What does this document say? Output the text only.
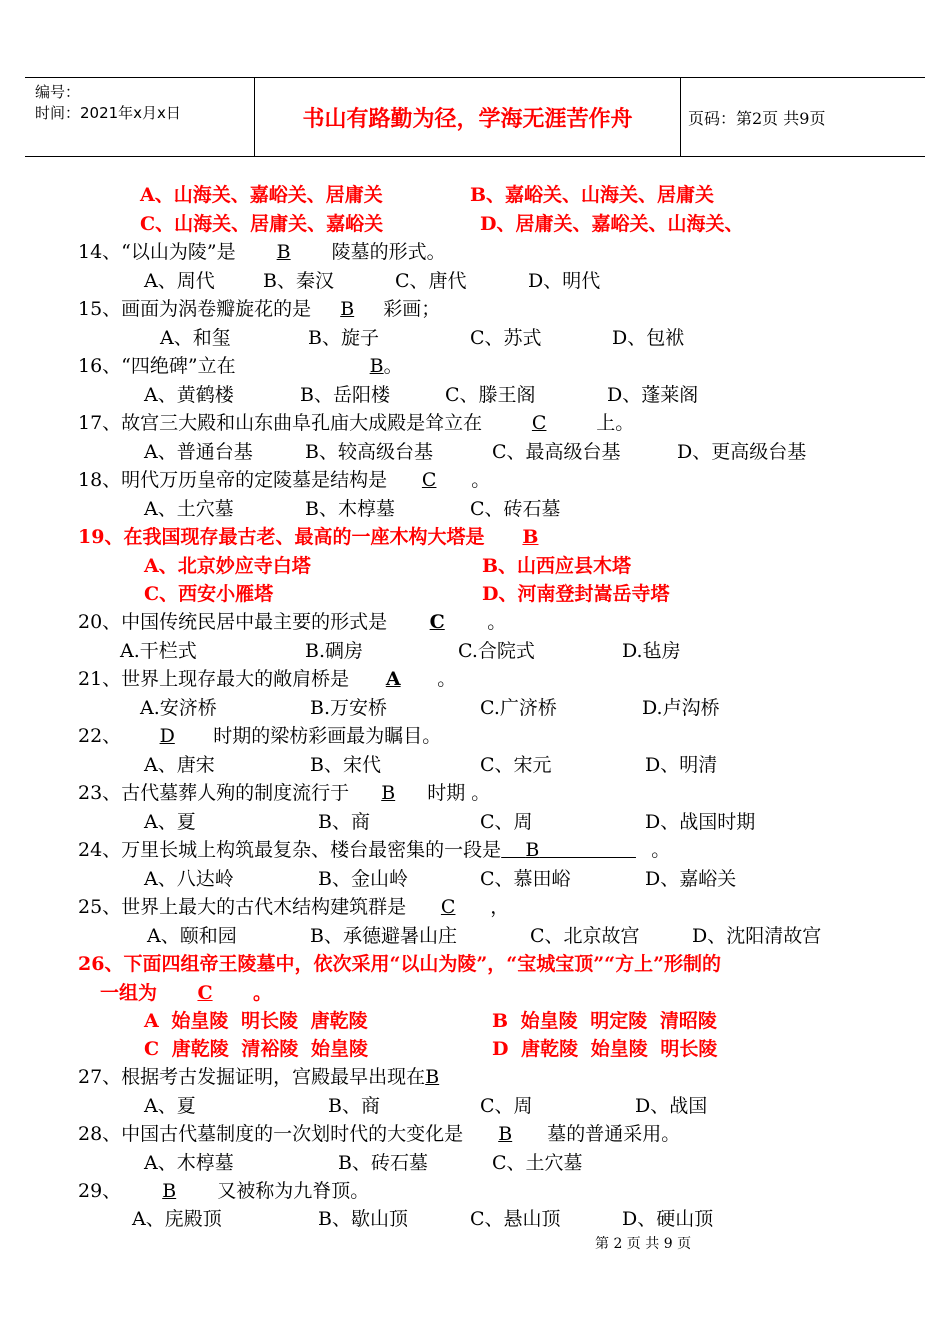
编号：
时间：2021年x月x日	书山有路勤为径，学海无涯苦作舟	页码：第2页 共9页
A、山海关、嘉峪关、居庸关	B、嘉峪关、山海关、居庸关
C、山海关、居庸关、嘉峪关	D、居庸关、嘉峪关、山海关、
14、“以山为陵”是 B 陵墓的形式。
A、周代	B、秦汉	C、唐代	D、明代
15、画面为涡卷瓣旋花的是 B 彩画；
A、和玺	B、旋子	C、苏式	D、包袱
16、“四绝碑”立在	B。
A、黄鹤楼	B、岳阳楼	C、滕王阁	D、蓬莱阁
17、故宫三大殿和山东曲阜孔庙大成殿是耸立在	C	上。
A、普通台基	B、较高级台基	C、最高级台基	D、更高级台基
18、明代万历皇帝的定陵墓是结构是 C 。
A、土穴墓	B、木椁墓	C、砖石墓
19、在我国现存最古老、最高的一座木构大塔是 B
A、北京妙应寺白塔	B、山西应县木塔
C、西安小雁塔	D、河南登封嵩岳寺塔
20、中国传统民居中最主要的形式是 C 。
A.干栏式	B.碉房	C.合院式	D.毡房
21、世界上现存最大的敞肩桥是 A 。
A.安济桥	B.万安桥	C.广济桥	D.卢沟桥
22、 D 时期的梁枋彩画最为瞩目。
A、唐宋	B、宋代	C、宋元	D、明清
23、古代墓葬人殉的制度流行于 B 时期 。
A、夏	B、商	C、周	D、战国时期
24、万里长城上构筑最复杂、楼台最密集的一段是 B	。
A、八达岭	B、金山岭	C、慕田峪	D、嘉峪关
25、世界上最大的古代木结构建筑群是 C ，
A、颐和园	B、承德避暑山庄	C、北京故宫	D、沈阳清故宫
26、下面四组帝王陵墓中，依次采用“以山为陵”，“宝城宝顶”“方上”形制的
一组为 C 。
A 始皇陵 明长陵 唐乾陵	B 始皇陵 明定陵 清昭陵
C 唐乾陵 清裕陵 始皇陵	D 唐乾陵 始皇陵 明长陵
27、根据考古发掘证明，宫殿最早出现在B
A、夏	B、商	C、周	D、战国
28、中国古代墓制度的一次划时代的大变化是 B 墓的普通采用。
A、木椁墓	B、砖石墓	C、土穴墓
29、 B 又被称为九脊顶。
A、庑殿顶	B、歇山顶	C、悬山顶	D、硬山顶
第 2 页 共 9 页
